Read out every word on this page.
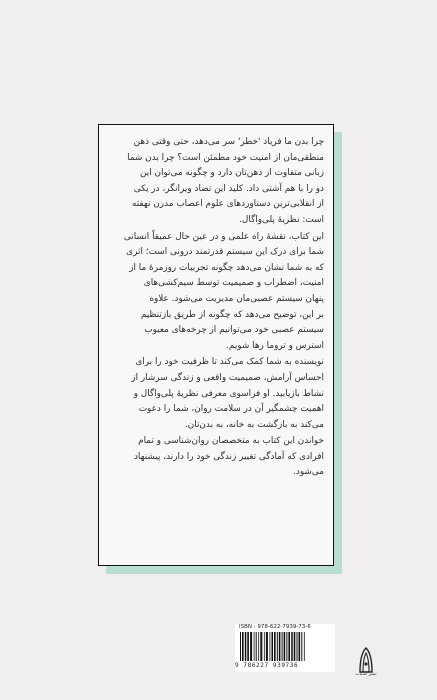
چرا بدن ما فریاد 'خطر' سر می‌دهد، حتی وقتی ذهن
منطقی‌مان از امنیت خود مطمئن است؟ چرا بدن شما
زبانی متفاوت از ذهن‌تان دارد و چگونه می‌توان این
دو را با هم آشتی داد. کلید این تضاد ویرانگر، در یکی
از انقلابی‌ترین دستاوردهای علوم اعصاب مدرن نهفته
است: نظریهٔ پلی‌واگال.

این کتاب، نقشهٔ راه علمی و در عین حال عمیقاً انسانی
شما برای درک این سیستم قدرتمند درونی است؛ اثری
که به شما نشان می‌دهد چگونه تجربیات روزمرهٔ ما از
امنیت، اضطراب و صمیمیت توسط سیم‌کشی‌های
پنهان سیستم عصبی‌مان مدیریت می‌شود. علاوه
بر این، توضیح می‌دهد که چگونه از طریق بازتنظیم
سیستم عصبی خود می‌توانیم از چرخه‌های معیوب
استرس و تروما رها شویم.

نویسنده به شما کمک می‌کند تا ظرفیت خود را برای
احساس آرامش، صمیمیت واقعی و زندگی سرشار از
نشاط بازیابید. او فراسوی معرفی نظریهٔ پلی‌واگال و
اهمیت چشمگیر آن در سلامت روان، شما را دعوت
می‌کند به بازگشت به خانه، به بدن‌تان.

خواندن این کتاب به متخصصان روان‌شناسی و تمام
افرادی که آمادگی تغییر زندگی خود را دارند، پیشنهاد
می‌شود.

ISBN : 978-622-7939-73-6
9 786227 939736
نشر اسباب
